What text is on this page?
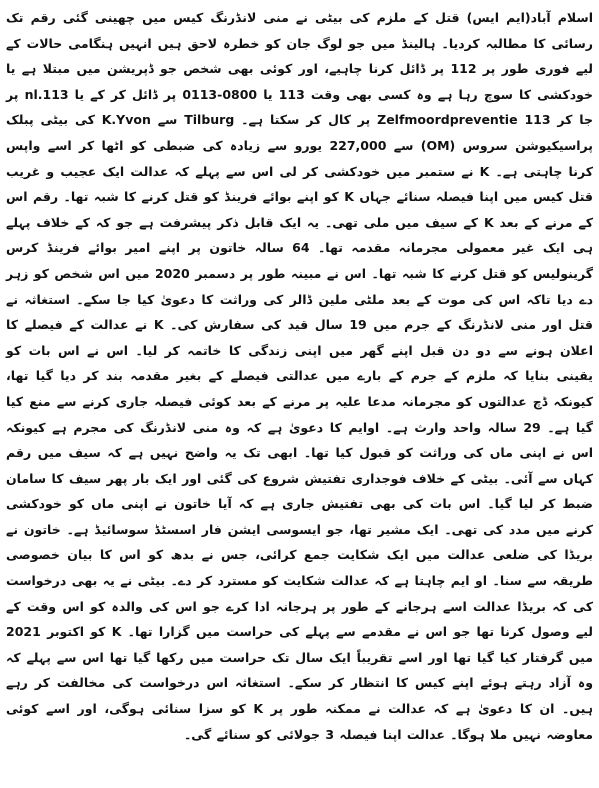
اسلام آباد(ایم ایس) قتل کے ملزم کی بیٹی نے منی لانڈرنگ کیس میں چھینی گئی رقم تک رسائی کا مطالبہ کردیا۔ ہالینڈ میں جو لوگ جان کو خطرہ لاحق ہیں انہیں ہنگامی حالات کے لیے فوری طور پر 112 پر ڈائل کرنا چاہیے، اور کوئی بھی شخص جو ڈپریشن میں مبتلا ہے یا خودکشی کا سوچ رہا ہے وہ کسی بھی وقت 113 یا 0800-0113 پر ڈائل کر کے یا 113.nl پر جا کر 113 Zelfmoordpreventie پر کال کر سکتا ہے۔ Tilburg سے K.Yvon کی بیٹی پبلک پراسیکیوشن سروس (OM) سے 227,000 یورو سے زیادہ کی ضبطی کو اٹھا کر اسے واپس کرنا چاہتی ہے۔ K نے ستمبر میں خودکشی کر لی اس سے پہلے کہ عدالت ایک عجیب و غریب قتل کیس میں اپنا فیصلہ سنائے جہاں K کو اپنے بوائے فرینڈ کو قتل کرنے کا شبہ تھا۔ رقم اس کے مرنے کے بعد K کے سیف میں ملی تھی۔ یہ ایک قابل ذکر پیشرفت ہے جو کہ کے خلاف پہلے ہی ایک غیر معمولی مجرمانہ مقدمہ تھا۔ 64 سالہ خاتون پر اپنے امیر بوائے فرینڈ کرس گرینولیس کو قتل کرنے کا شبہ تھا۔ اس نے مبینہ طور پر دسمبر 2020 میں اس شخص کو زہر دے دیا تاکہ اس کی موت کے بعد ملٹی ملین ڈالر کی وراثت کا دعویٰ کیا جا سکے۔ استغاثہ نے قتل اور منی لانڈرنگ کے جرم میں 19 سال قید کی سفارش کی۔ K نے عدالت کے فیصلے کا اعلان ہونے سے دو دن قبل اپنے گھر میں اپنی زندگی کا خاتمہ کر لیا۔ اس نے اس بات کو یقینی بنایا کہ ملزم کے جرم کے بارے میں عدالتی فیصلے کے بغیر مقدمہ بند کر دیا گیا تھا، کیونکہ ڈچ عدالتوں کو مجرمانہ مدعا علیہ پر مرنے کے بعد کوئی فیصلہ جاری کرنے سے منع کیا گیا ہے۔ 29 سالہ واحد وارث ہے۔ اوایم کا دعویٰ ہے کہ وہ منی لانڈرنگ کی مجرم ہے کیونکہ اس نے اپنی ماں کی وراثت کو قبول کیا تھا۔ ابھی تک یہ واضح نہیں ہے کہ سیف میں رقم کہاں سے آئی۔ بیٹی کے خلاف فوجداری تفتیش شروع کی گئی اور ایک بار پھر سیف کا سامان ضبط کر لیا گیا۔ اس بات کی بھی تفتیش جاری ہے کہ آیا خاتون نے اپنی ماں کو خودکشی کرنے میں مدد کی تھی۔ ایک مشیر تھا، جو ایسوسی ایشن فار اسسٹڈ سوسائیڈ ہے۔ خاتون نے بریڈا کی ضلعی عدالت میں ایک شکایت جمع کرائی، جس نے بدھ کو اس کا بیان خصوصی طریقہ سے سنا۔ او ایم چاہتا ہے کہ عدالت شکایت کو مسترد کر دے۔ بیٹی نے یہ بھی درخواست کی کہ بریڈا عدالت اسے ہرجانے کے طور پر ہرجانہ ادا کرے جو اس کی والدہ کو اس وقت کے لیے وصول کرنا تھا جو اس نے مقدمے سے پہلے کی حراست میں گزارا تھا۔ K کو اکتوبر 2021 میں گرفتار کیا گیا تھا اور اسے تقریباً ایک سال تک حراست میں رکھا گیا تھا اس سے پہلے کہ وہ آزاد رہتے ہوئے اپنے کیس کا انتظار کر سکے۔ استغاثہ اس درخواست کی مخالفت کر رہے ہیں۔ ان کا دعویٰ ہے کہ عدالت نے ممکنہ طور پر K کو سزا سنائی ہوگی، اور اسے کوئی معاوضہ نہیں ملا ہوگا۔ عدالت اپنا فیصلہ 3 جولائی کو سنائے گی۔
